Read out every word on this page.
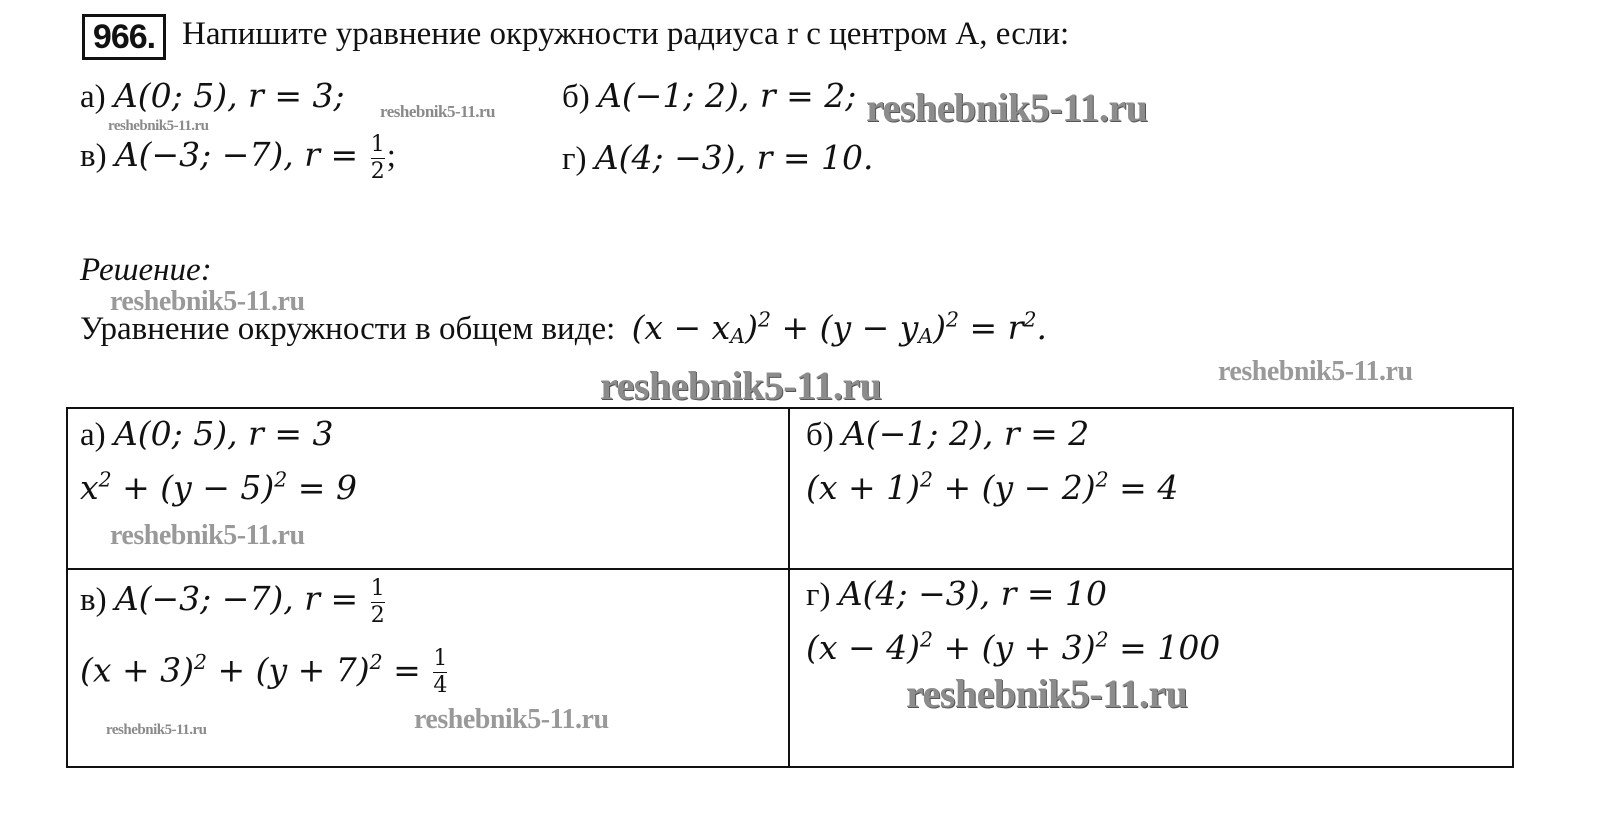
966. Напишите уравнение окружности радиуса r с центром A, если:
а) A(0; 5), r = 3;	б) A(−1; 2), r = 2;
в) A(−3; −7), $r = \frac{1}{2}$ ;	г) A(4; −3), r = 10.
Решение:
Уравнение окружности в общем виде: $(x - x_A)^2 + (y - y_A)^2 = r^2$.
а) A(0; 5), r = 3
$x^2 + (y - 5)^2 = 9$
б) A(−1; 2), r = 2
$(x + 1)^2 + (y - 2)^2 = 4$
в) A(−3; −7), $r = \frac{1}{2}$
$(x + 3)^2 + (y + 7)^2 = \frac{1}{4}$
г) A(4; −3), r = 10
$(x - 4)^2 + (y + 3)^2 = 100$
reshebnik5-11.ru
reshebnik5-11.ru
reshebnik5-11.ru
reshebnik5-11.ru
reshebnik5-11.ru	reshebnik5-11.ru
reshebnik5-11.ru
reshebnik5-11.ru
reshebnik5-11.ru
reshebnik5-11.ru
